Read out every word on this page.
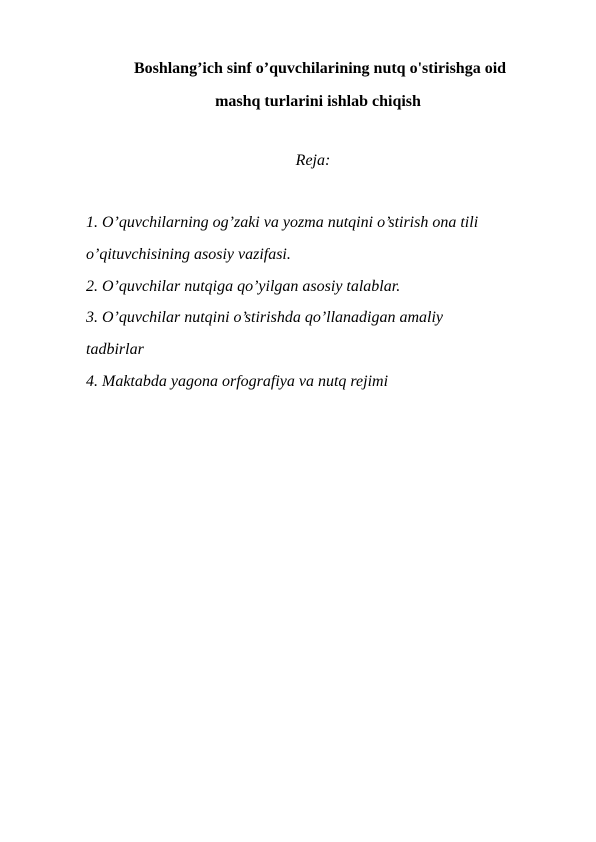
Boshlang’ich sinf o’quvchilarining nutq o'stirishga oid
mashq turlarini ishlab chiqish
Reja:
1. O’quvchilarning og’zaki va yozma nutqini o’stirish ona tili
o’qituvchisining asosiy vazifasi.
2. O’quvchilar nutqiga qo’yilgan asosiy talablar.
3. O’quvchilar nutqini o’stirishda qo’llanadigan amaliy
tadbirlar
4. Maktabda yagona orfografiya va nutq rejimi
